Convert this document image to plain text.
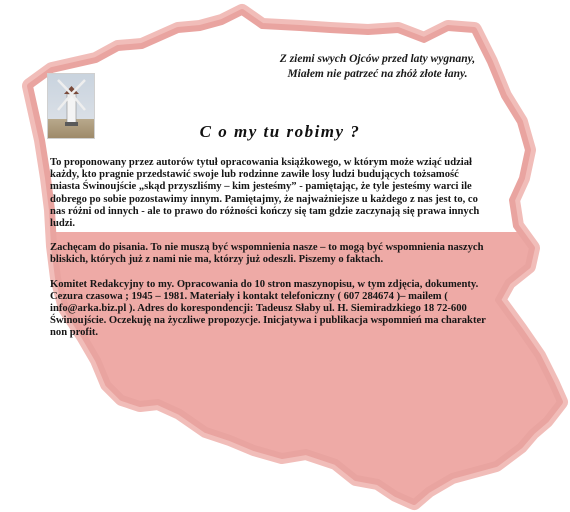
Z ziemi swych Ojców przed laty wygnany,
Miałem nie patrzeć na zhóż złote łany.
C o my tu robimy ?

To proponowany przez autorów tytuł opracowania książkowego, w którym może wziąć udział każdy, kto pragnie przedstawić swoje lub rodzinne zawiłe losy ludzi budujących tożsamość miasta Świnoujście „skąd przyszliśmy – kim jesteśmy” - pamiętając, że tyle jesteśmy warci ile dobrego po sobie pozostawimy innym. Pamiętajmy, że najważniejsze u każdego z nas jest to, co nas różni od innych - ale to prawo do różności kończy się tam gdzie zaczynają się prawa innych ludzi.

Zachęcam do pisania. To nie muszą być wspomnienia nasze – to mogą być wspomnienia naszych bliskich, których już z nami nie ma, którzy już odeszli. Piszemy o faktach.

Komitet Redakcyjny to my. Opracowania do 10 stron maszynopisu, w tym zdjęcia, dokumenty. Cezura czasowa ; 1945 – 1981. Materiały i kontakt telefoniczny ( 607 284674 )– mailem ( info@arka.biz.pl ). Adres do korespondencji: Tadeusz Słaby ul. H. Siemiradzkiego 18 72-600 Świnoujście. Oczekuję na życzliwe propozycje. Inicjatywa i publikacja wspomnień ma charakter non profit.
